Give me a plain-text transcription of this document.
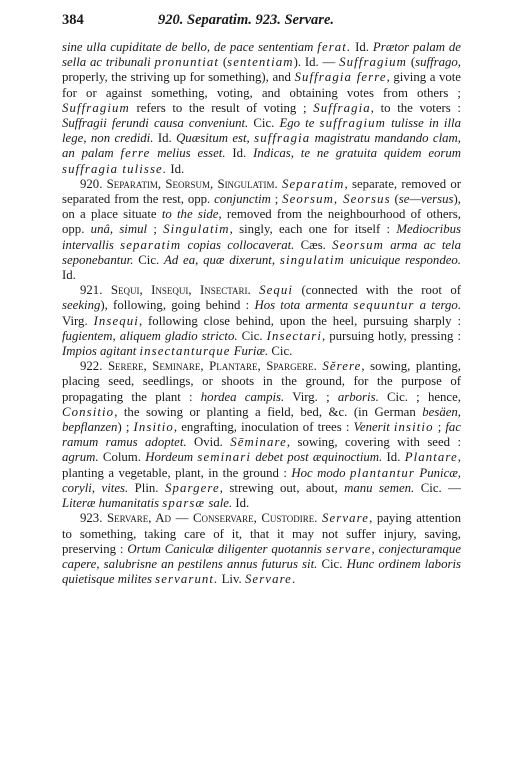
384	920. Separatim. 923. Servare.

sine ulla cupiditate de bello, de pace sententiam ferat. Id. Prætor palam de sella ac tribunali pronuntiat (sententiam). Id. — Suffragium (suffrago, properly, the striving up for something), and Suffragia ferre, giving a vote for or against something, voting, and obtaining votes from others ; Suffragium refers to the result of voting ; Suffragia, to the voters : Suffragii ferundi causa conveniunt. Cic. Ego te suffragium tulisse in illa lege, non credidi. Id. Quæsitum est, suffragia magistratu mandando clam, an palam ferre melius esset. Id. Indicas, te ne gratuita quidem eorum suffragia tulisse. Id.

920. Separatim, Seorsum, Singulatim. Separatim, separate, removed or separated from the rest, opp. conjunctim ; Seorsum, Seorsus (se—versus), on a place situate to the side, removed from the neighbourhood of others, opp. unâ, simul ; Singulatim, singly, each one for itself : Mediocribus intervallis separatim copias collocaverat. Cæs. Seorsum arma ac tela seponebantur. Cic. Ad ea, quæ dixerunt, singulatim unicuique respondeo. Id.

921. Sequi, Insequi, Insectari. Sequi (connected with the root of seeking), following, going behind : Hos tota armenta sequuntur a tergo. Virg. Insequi, following close behind, upon the heel, pursuing sharply : fugientem, aliquem gladio stricto. Cic. Insectari, pursuing hotly, pressing : Impios agitant insectanturque Furiæ. Cic.

922. Serere, Seminare, Plantare, Spargere. Sĕrere, sowing, planting, placing seed, seedlings, or shoots in the ground, for the purpose of propagating the plant : hordea campis. Virg. ; arboris. Cic. ; hence, Consitio, the sowing or planting a field, bed, &c. (in German besäen, bepflanzen) ; Insitio, engrafting, inoculation of trees : Venerit insitio ; fac ramum ramus adoptet. Ovid. Sēminare, sowing, covering with seed : agrum. Colum. Hordeum seminari debet post æquinoctium. Id. Plantare, planting a vegetable, plant, in the ground : Hoc modo plantantur Punicæ, coryli, vites. Plin. Spargere, strewing out, about, manu semen. Cic. — Literæ humanitatis sparsæ sale. Id.

923. Servare, Ad — Conservare, Custodire. Servare, paying attention to something, taking care of it, that it may not suffer injury, saving, preserving : Ortum Caniculæ diligenter quotannis servare, conjecturamque capere, salubrisne an pestilens annus futurus sit. Cic. Hunc ordinem laboris quietisque milites servarunt. Liv. Servare.
